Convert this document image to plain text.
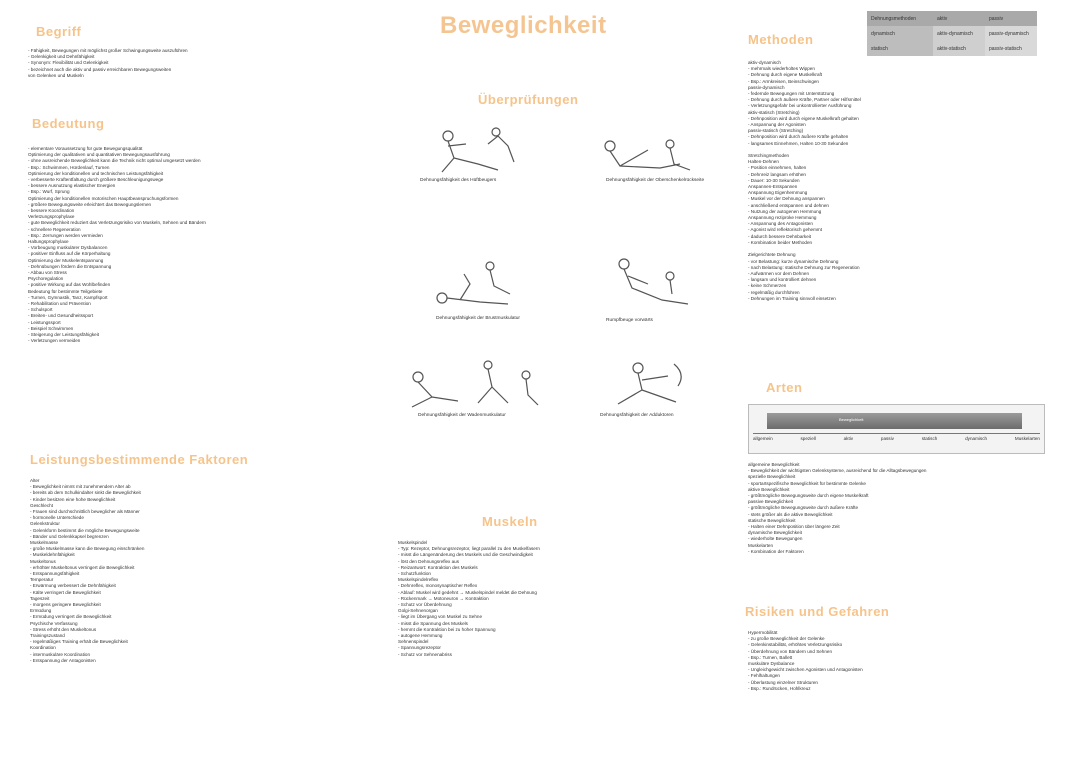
Beweglichkeit
Begriff
- Fähigkeit, Bewegungen mit möglichst großer Schwingungsweite auszuführen
- Gelenkigkeit und Dehnfähigkeit
- Synonym: Flexibilität und Gelenkigkeit
- bezeichnet auch die aktiv und passiv erreichbaren Bewegungsweiten
von Gelenken und Muskeln
Bedeutung
- elementare Voraussetzung für gute Bewegungsqualität
Optimierung der qualitativen und quantitativen Bewegungsausführung
- ohne ausreichende Beweglichkeit kann die Technik nicht optimal umgesetzt werden
- Bsp.: Schwimmen, Hürdenlauf, Turnen
Optimierung der konditionellen und technischen Leistungsfähigkeit
- verbesserte Kraftentfaltung durch größere Beschleunigungswege
- bessere Ausnutzung elastischer Energien
- Bsp.: Wurf, Sprung
Optimierung der konditionellen motorischen Hauptbeanspruchungsformen
- größere Bewegungsweite erleichtert das Bewegungslernen
- bessere Koordination
Verletzungsprophylaxe
- gute Beweglichkeit reduziert das Verletzungsrisiko von Muskeln, Sehnen und Bändern
- schnellere Regeneration
- Bsp.: Zerrungen werden vermieden
Haltungsprophylaxe
- Vorbeugung muskulärer Dysbalancen
- positiver Einfluss auf die Körperhaltung
Optimierung der Muskelentspannung
- Dehnübungen fördern die Entspannung
- Abbau von Stress
Psychoregulation
- positive Wirkung auf das Wohlbefinden
Bedeutung für bestimmte Teilgebiete
- Turnen, Gymnastik, Tanz, Kampfsport
- Rehabilitation und Prävention
- Schulsport
- Breiten- und Gesundheitssport
- Leistungssport
- Beispiel Schwimmen
- Steigerung der Leistungsfähigkeit
- Verletzungen vermeiden
Leistungsbestimmende Faktoren
Alter
- Beweglichkeit nimmt mit zunehmendem Alter ab
- bereits ab dem Schulkindalter sinkt die Beweglichkeit
- Kinder besitzen eine hohe Beweglichkeit
Geschlecht
- Frauen sind durchschnittlich beweglicher als Männer
- hormonelle Unterschiede
Gelenkstruktur
- Gelenkform bestimmt die mögliche Bewegungsweite
- Bänder und Gelenkkapsel begrenzen
Muskelmasse
- große Muskelmasse kann die Bewegung einschränken
- Muskeldehnfähigkeit
Muskeltonus
- erhöhter Muskeltonus verringert die Beweglichkeit
- Entspannungsfähigkeit
Temperatur
- Erwärmung verbessert die Dehnfähigkeit
- Kälte verringert die Beweglichkeit
Tageszeit
- morgens geringere Beweglichkeit
Ermüdung
- Ermüdung verringert die Beweglichkeit
Psychische Verfassung
- Stress erhöht den Muskeltonus
Trainingszustand
- regelmäßiges Training erhält die Beweglichkeit
Koordination
- intermuskuläre Koordination
- Entspannung der Antagonisten
Überprüfungen
Dehnungsfähigkeit des Hüftbeugers	Dehnungsfähigkeit der Oberschenkelrückseite
Dehnungsfähigkeit der Brustmuskulatur	Rumpfbeuge vorwärts
Dehnungsfähigkeit der Wadenmuskulatur	Dehnungsfähigkeit der Adduktoren
Muskeln
Muskelspindel
- Typ: Rezeptor, Dehnungsrezeptor, liegt parallel zu den Muskelfasern
- misst die Längenänderung des Muskels und die Geschwindigkeit
- löst den Dehnungsreflex aus
- Reizantwort: Kontraktion des Muskels
- Schutzfunktion
Muskelspindelreflex
- Dehnreflex, monosynaptischer Reflex
- Ablauf: Muskel wird gedehnt → Muskelspindel meldet die Dehnung
- Rückenmark → Motoneuron → Kontraktion
- Schutz vor Überdehnung
Golgi-Sehnenorgan
- liegt im Übergang von Muskel zu Sehne
- misst die Spannung des Muskels
- hemmt die Kontraktion bei zu hoher Spannung
- autogene Hemmung
Sehnenspindel
- Spannungsrezeptor
- Schutz vor Sehnenabriss
Methoden
Dehnungsmethoden	aktiv	passiv
dynamisch	aktiv-dynamisch	passiv-dynamisch
statisch	aktiv-statisch	passiv-statisch
aktiv-dynamisch
- mehrmals wiederholtes Wippen
- Dehnung durch eigene Muskelkraft
- Bsp.: Armkreisen, Beinschwingen
passiv-dynamisch
- federnde Bewegungen mit Unterstützung
- Dehnung durch äußere Kräfte, Partner oder Hilfsmittel
- Verletzungsgefahr bei unkontrollierter Ausführung
aktiv-statisch (Stretching)
- Dehnposition wird durch eigene Muskelkraft gehalten
- Anspannung der Agonisten
passiv-statisch (Stretching)
- Dehnposition wird durch äußere Kräfte gehalten
- langsames Einnehmen, Halten 10-30 Sekunden

Stretchingmethoden
Halten-Dehnen
- Position einnehmen, halten
- Dehnreiz langsam erhöhen
- Dauer: 10-30 Sekunden
Anspannen-Entspannen
Anspannung Eigenhemmung
- Muskel vor der Dehnung anspannen
- anschließend entspannen und dehnen
- Nutzung der autogenen Hemmung
Anspannung reziproke Hemmung
- Anspannung des Antagonisten
- Agonist wird reflektorisch gehemmt
- dadurch bessere Dehnbarkeit
- Kombination beider Methoden

Zielgerichtete Dehnung
- vor Belastung: kurze dynamische Dehnung
- nach Belastung: statische Dehnung zur Regeneration
- Aufwärmen vor dem Dehnen
- langsam und kontrolliert dehnen
- keine Schmerzen
- regelmäßig durchführen
- Dehnungen im Training sinnvoll einsetzen
Arten
Beweglichkeit
allgemein	speziell	aktiv	passiv	statisch	dynamisch	Muskelarten
allgemeine Beweglichkeit
- Beweglichkeit der wichtigsten Gelenksysteme, ausreichend für die Alltagsbewegungen
spezielle Beweglichkeit
- sportartspezifische Beweglichkeit für bestimmte Gelenke
aktive Beweglichkeit
- größtmögliche Bewegungsweite durch eigene Muskelkraft
passive Beweglichkeit
- größtmögliche Bewegungsweite durch äußere Kräfte
- stets größer als die aktive Beweglichkeit
statische Beweglichkeit
- Halten einer Dehnposition über längere Zeit
dynamische Beweglichkeit
- wiederholte Bewegungen
Muskelarten
- Kombination der Faktoren
Risiken und Gefahren
Hypermobilität
- zu große Beweglichkeit der Gelenke
- Gelenkinstabilität, erhöhtes Verletzungsrisiko
- Überdehnung von Bändern und Sehnen
- Bsp.: Turnen, Ballett
muskuläre Dysbalance
- Ungleichgewicht zwischen Agonisten und Antagonisten
- Fehlhaltungen
- Überlastung einzelner Strukturen
- Bsp.: Rundrücken, Hohlkreuz
